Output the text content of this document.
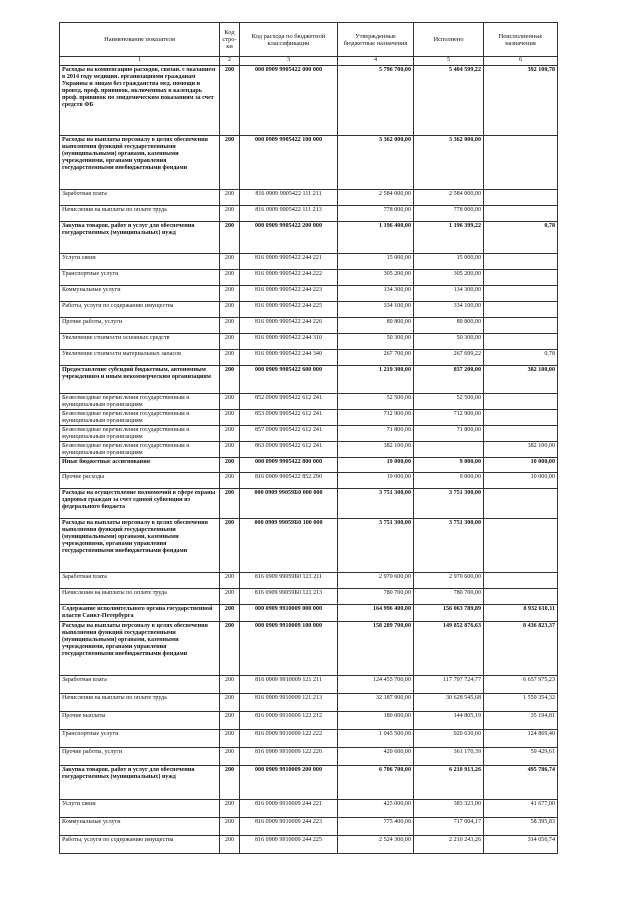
Наименование показателя	Код стро-ки	Код расхода по бюджетной классификации	Утвержденные бюджетные назначения	Исполнено	Неисполненные назначения
1	2	3	4	5	6
Расходы на компенсацию расходов, связан. с оказанием в 2014 году медицин. организациями гражданам Украины и лицам без гражданства мед. помощи и провед. проф. прививок, включенных в календарь проф. прививок по эпидемическим показаниям за счет средств ФБ	200	000 0909 9905422 000 000	5 796 700,00	5 404 599,22	392 100,78
Расходы на выплаты персоналу в целях обеспечения выполнения функций государственными (муниципальными) органами, казенными учреждениями, органами управления государственными внебюджетными фондами	200	000 0909 9905422 100 000	3 362 000,00	3 362 000,00	
Заработная плата	200	816 0909 9905422 111 211	2 584 000,00	2 584 000,00	
Начисления на выплаты по оплате труда	200	816 0909 9905422 111 213	778 000,00	778 000,00	
Закупка товаров, работ и услуг для обеспечения государственных (муниципальных) нужд	200	000 0909 9905422 200 000	1 196 400,00	1 196 399,22	0,78
Услуги связи	200	816 0909 9905422 244 221	15 000,00	15 000,00	
Транспортные услуги	200	816 0909 9905422 244 222	305 200,00	305 200,00	
Коммунальные услуги	200	816 0909 9905422 244 223	134 300,00	134 300,00	
Работы, услуги по содержанию имущества	200	816 0909 9905422 244 225	334 100,00	334 100,00	
Прочие работы, услуги	200	816 0909 9905422 244 226	89 800,00	89 800,00	
Увеличение стоимости основных средств	200	816 0909 9905422 244 310	50 300,00	50 300,00	
Увеличение стоимости материальных запасов	200	816 0909 9905422 244 340	267 700,00	267 699,22	0,78
Предоставление субсидий бюджетным, автономным учреждениям и иным некоммерческим организациям	200	000 0909 9905422 600 000	1 219 300,00	837 200,00	382 100,00
Безвозмездные перечисления государственным и муниципальным организациям	200	852 0909 9905422 612 241	52 500,00	52 500,00	
Безвозмездные перечисления государственным и муниципальным организациям	200	853 0909 9905422 612 241	712 900,00	712 900,00	
Безвозмездные перечисления государственным и муниципальным организациям	200	857 0909 9905422 612 241	71 800,00	71 800,00	
Безвозмездные перечисления государственным и муниципальным организациям	200	863 0909 9905422 612 241	382 100,00		382 100,00
Иные бюджетные ассигнования	200	000 0909 9905422 800 000	19 000,00	9 000,00	10 000,00
Прочие расходы	200	816 0909 9905422 852 290	19 000,00	9 000,00	10 000,00
Расходы на осуществление полномочий в сфере охраны здоровья граждан за счет единой субвенции из федерального бюджета	200	000 0909 99059Б0 000 000	3 751 300,00	3 751 300,00	
Расходы на выплаты персоналу в целях обеспечения выполнения функций государственными (муниципальными) органами, казенными учреждениями, органами управления государственными внебюджетными фондами	200	000 0909 99059Б0 100 000	3 751 300,00	3 751 300,00	
Заработная плата	200	816 0909 99059Б0 121 211	2 970 600,00	2 970 600,00	
Начисления на выплаты по оплате труда	200	816 0909 99059Б0 121 213	780 700,00	780 700,00	
Содержание исполнительного органа государственной власти Санкт-Петербурга	200	000 0909 9910009 000 000	164 996 400,00	156 063 789,89	8 932 610,11
Расходы на выплаты персоналу в целях обеспечения выполнения функций государственными (муниципальными) органами, казенными учреждениями, органами управления государственными внебюджетными фондами	200	000 0909 9910009 100 000	158 289 700,00	149 852 876,63	8 436 823,37
Заработная плата	200	816 0909 9910009 121 211	124 455 700,00	117 797 724,77	6 657 975,23
Начисления на выплаты по оплате труда	200	816 0909 9910009 121 213	32 187 900,00	30 628 545,68	1 559 354,32
Прочие выплаты	200	816 0909 9910009 122 212	180 000,00	144 805,19	35 194,81
Транспортные услуги	200	816 0909 9910009 122 222	1 045 500,00	920 630,60	124 869,40
Прочие работы, услуги	200	816 0909 9910009 122 226	420 600,00	361 170,39	59 429,61
Закупка товаров, работ и услуг для обеспечения государственных (муниципальных) нужд	200	000 0909 9910009 200 000	6 706 700,00	6 210 913,26	495 786,74
Услуги связи	200	816 0909 9910009 244 221	425 000,00	383 323,00	41 677,00
Коммунальные услуги	200	816 0909 9910009 244 223	775 400,00	717 004,17	58 395,83
Работы, услуги по содержанию имущества	200	816 0909 9910009 244 225	2 524 300,00	2 210 243,26	314 056,74
